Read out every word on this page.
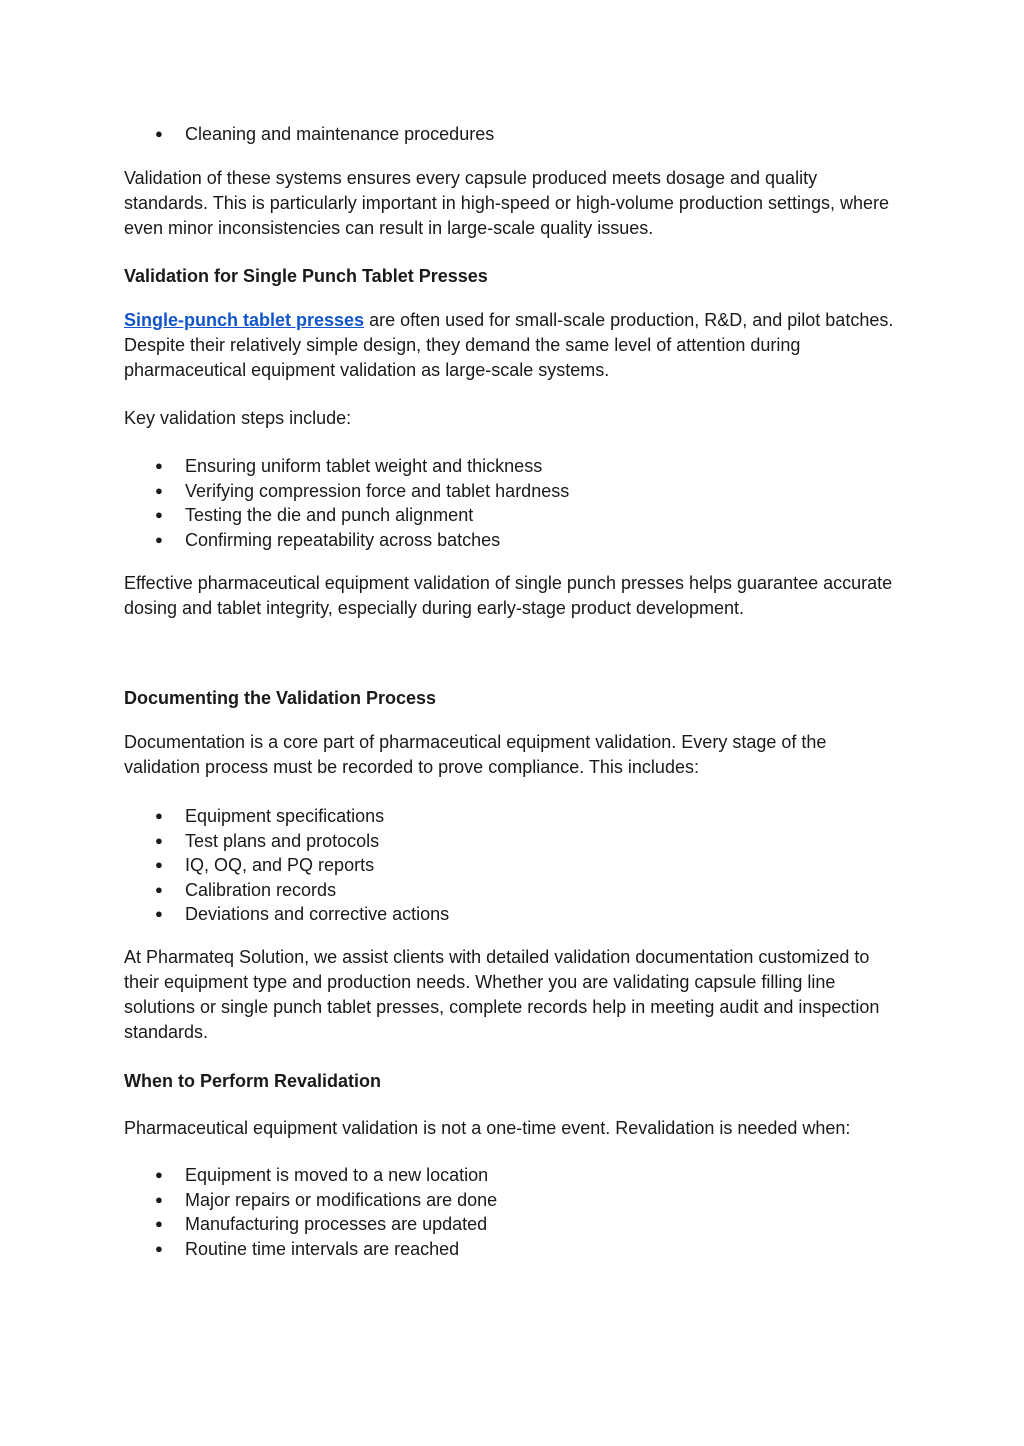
●	Cleaning and maintenance procedures

Validation of these systems ensures every capsule produced meets dosage and quality standards. This is particularly important in high-speed or high-volume production settings, where even minor inconsistencies can result in large-scale quality issues.

Validation for Single Punch Tablet Presses

Single-punch tablet presses are often used for small-scale production, R&D, and pilot batches. Despite their relatively simple design, they demand the same level of attention during pharmaceutical equipment validation as large-scale systems.

Key validation steps include:

●	Ensuring uniform tablet weight and thickness
●	Verifying compression force and tablet hardness
●	Testing the die and punch alignment
●	Confirming repeatability across batches

Effective pharmaceutical equipment validation of single punch presses helps guarantee accurate dosing and tablet integrity, especially during early-stage product development.

Documenting the Validation Process

Documentation is a core part of pharmaceutical equipment validation. Every stage of the validation process must be recorded to prove compliance. This includes:

●	Equipment specifications
●	Test plans and protocols
●	IQ, OQ, and PQ reports
●	Calibration records
●	Deviations and corrective actions

At Pharmateq Solution, we assist clients with detailed validation documentation customized to their equipment type and production needs. Whether you are validating capsule filling line solutions or single punch tablet presses, complete records help in meeting audit and inspection standards.

When to Perform Revalidation

Pharmaceutical equipment validation is not a one-time event. Revalidation is needed when:

●	Equipment is moved to a new location
●	Major repairs or modifications are done
●	Manufacturing processes are updated
●	Routine time intervals are reached
